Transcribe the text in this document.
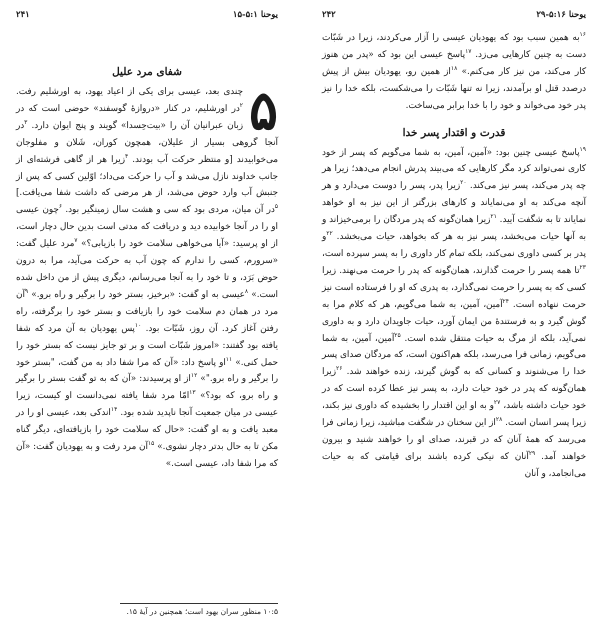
یوحنا ۵:۱۶-۲۹
۲۴۲

$^{۱۶}$به همین سبب بود که یهودیان عیسی را آزار می‌کردند، زیرا در شَبّات دست به چنین کارهایی می‌زد. $^{۱۷}$پاسخ عیسی این بود که «پدر من هنوز کار می‌کند، من نیز کار می‌کنم.» $^{۱۸}$از همین رو، یهودیان بیش از پیش درصدد قتل او برآمدند، زیرا نه تنها شَبّات را می‌شکست، بلکه خدا را نیز پدر خود می‌خواند و خود را با خدا برابر می‌ساخت.

قدرت و اقتدار پسر خدا

$^{۱۹}$پاسخ عیسی چنین بود: «آمین، آمین، به شما می‌گویم که پسر از خود کاری نمی‌تواند کرد مگر کارهایی که می‌بیند پدرش انجام می‌دهد؛ زیرا هر چه پدر می‌کند، پسر نیز می‌کند. $^{۲۰}$زیرا پدر، پسر را دوست می‌دارد و هر آنچه می‌کند به او می‌نمایاند و کارهای بزرگتر از این نیز به او خواهد نمایاند تا به شگفت آیید. $^{۲۱}$زیرا همان‌گونه که پدر مردگان را برمی‌خیزاند و به آنها حیات می‌بخشد، پسر نیز به هر که بخواهد، حیات می‌بخشد. $^{۲۲}$و پدر بر کسی داوری نمی‌کند، بلکه تمام کار داوری را به پسر سپرده است، $^{۲۳}$تا همه پسر را حرمت گذارند، همان‌گونه که پدر را حرمت می‌نهند. زیرا کسی که به پسر را حرمت نمی‌گذارد، به پدری که او را فرستاده است نیز حرمت ننهاده است. $^{۲۴}$آمین، آمین، به شما می‌گویم، هر که کلام مرا به گوش گیرد و به فرستندهٔ من ایمان آورد، حیات جاویدان دارد و به داوری نمی‌آید، بلکه از مرگ به حیات منتقل شده است. $^{۲۵}$آمین، آمین، به شما می‌گویم، زمانی فرا می‌رسد، بلکه هم‌اکنون است، که مردگان صدای پسر خدا را می‌شنوند و کسانی که به گوش گیرند، زنده خواهند شد. $^{۲۶}$زیرا همان‌گونه که پدر در خود حیات دارد، به پسر نیز عطا کرده است که در خود حیات داشته باشد، $^{۲۷}$و به او این اقتدار را بخشیده که داوری نیز بکند، زیرا پسر انسان است. $^{۲۸}$از این سخنان در شگفت مباشید، زیرا زمانی فرا می‌رسد که همهٔ آنان که در قبرند، صدای او را خواهند شنید و بیرون خواهند آمد. $^{۲۹}$آنان که نیکی کرده باشند برای قیامتی که به حیات می‌انجامد، و آنان

یوحنا ۵:۱-۱۵
۲۴۱
شفای مرد علیل
۵

چندی بعد، عیسی برای یکی از اعیاد یهود، به اورشلیم رفت. $^۲$در اورشلیم، در کنار «دروازهٔ گوسفند» حوضی است که در زبان عبرانیان آن را «بیت‌حِسدا» گویند و پنج ایوان دارد. $^۳$در آنجا گروهی بسیار از علیلان، همچون کوران، شَلان و مفلوجان می‌خوابیدند [و منتظر حرکت آب بودند. $^۴$زیرا هر از گاهی فرشته‌ای از جانب خداوند نازل می‌شد و آب را حرکت می‌داد؛ اوّلین کسی که پس از جنبش آب وارد حوض می‌شد، از هر مرضی که داشت شفا می‌یافت.] $^۵$در آن میان، مردی بود که سی و هشت سال زمینگیر بود. $^۶$چون عیسی او را در آنجا خوابیده دید و دریافت که مدتی است بدین حال دچار است، از او پرسید: «آیا می‌خواهی سلامت خود را بازیابی؟» $^۷$مرد علیل گفت: «سرورم، کسی را ندارم که چون آب به حرکت می‌آید، مرا به درون حوض بَرَد، و تا خود را به آنجا می‌رسانم، دیگری پیش از من داخل شده است.» $^۸$عیسی به او گفت: «برخیز، بستر خود را برگیر و راه برو.» $^۹$آن مرد در همان دم سلامت خود را بازیافت و بستر خود را برگرفته، راه رفتن آغاز کرد. آن روز، شَبّات بود. $^{۱۰}$پس یهودیان به آن مرد که شفا یافته بود گفتند: «امروز شَبّات است و بر تو جایز نیست که بستر خود را حمل کنی.» $^{۱۱}$او پاسخ داد: «آن که مرا شفا داد به من گفت، "بستر خود را برگیر و راه برو."» $^{۱۲}$از او پرسیدند: «آن که به تو گفت بستر را برگیر و راه برو، که بود؟» $^{۱۳}$امّا مرد شفا یافته نمی‌دانست او کیست، زیرا عیسی در میان جمعیت آنجا ناپدید شده بود. $^{۱۴}$اندکی بعد، عیسی او را در معبد یافت و به او گفت: «حال که سلامت خود را بازیافته‌ای، دیگر گناه مکن تا به حال بدتر دچار نشوی.» $^{۱۵}$آن مرد رفت و به یهودیان گفت: «آن که مرا شفا داد، عیسی است.»

۱۰:۵ منظور سران یهود است؛ همچنین در آیهٔ ۱۵.
